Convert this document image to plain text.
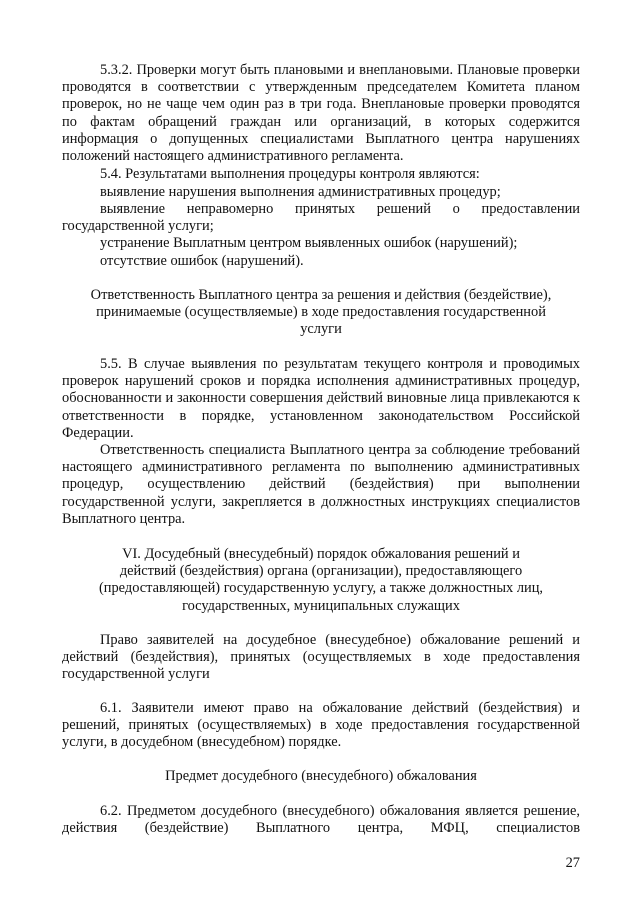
5.3.2. Проверки могут быть плановыми и внеплановыми. Плановые проверки проводятся в соответствии с утвержденным председателем Комитета планом проверок, но не чаще чем один раз в три года. Внеплановые проверки проводятся по фактам обращений граждан или организаций, в которых содержится информация о допущенных специалистами Выплатного центра нарушениях положений настоящего административного регламента.

5.4. Результатами выполнения процедуры контроля являются:

выявление нарушения выполнения административных процедур;

выявление неправомерно принятых решений о предоставлении государственной услуги;

устранение Выплатным центром выявленных ошибок (нарушений);

отсутствие ошибок (нарушений).

Ответственность Выплатного центра за решения и действия (бездействие),
принимаемые (осуществляемые) в ходе предоставления государственной
услуги

5.5. В случае выявления по результатам текущего контроля и проводимых проверок нарушений сроков и порядка исполнения административных процедур, обоснованности и законности совершения действий виновные лица привлекаются к ответственности в порядке, установленном законодательством Российской Федерации.

Ответственность специалиста Выплатного центра за соблюдение требований настоящего административного регламента по выполнению административных процедур, осуществлению действий (бездействия) при выполнении государственной услуги, закрепляется в должностных инструкциях специалистов Выплатного центра.

VI. Досудебный (внесудебный) порядок обжалования решений и
действий (бездействия) органа (организации), предоставляющего
(предоставляющей) государственную услугу, а также должностных лиц,
государственных, муниципальных служащих

Право заявителей на досудебное (внесудебное) обжалование решений и действий (бездействия), принятых (осуществляемых в ходе предоставления государственной услуги

6.1. Заявители имеют право на обжалование действий (бездействия) и решений, принятых (осуществляемых) в ходе предоставления государственной услуги, в досудебном (внесудебном) порядке.

Предмет досудебного (внесудебного) обжалования

6.2. Предметом досудебного (внесудебного) обжалования является решение, действия (бездействие) Выплатного центра, МФЦ, специалистов

27
